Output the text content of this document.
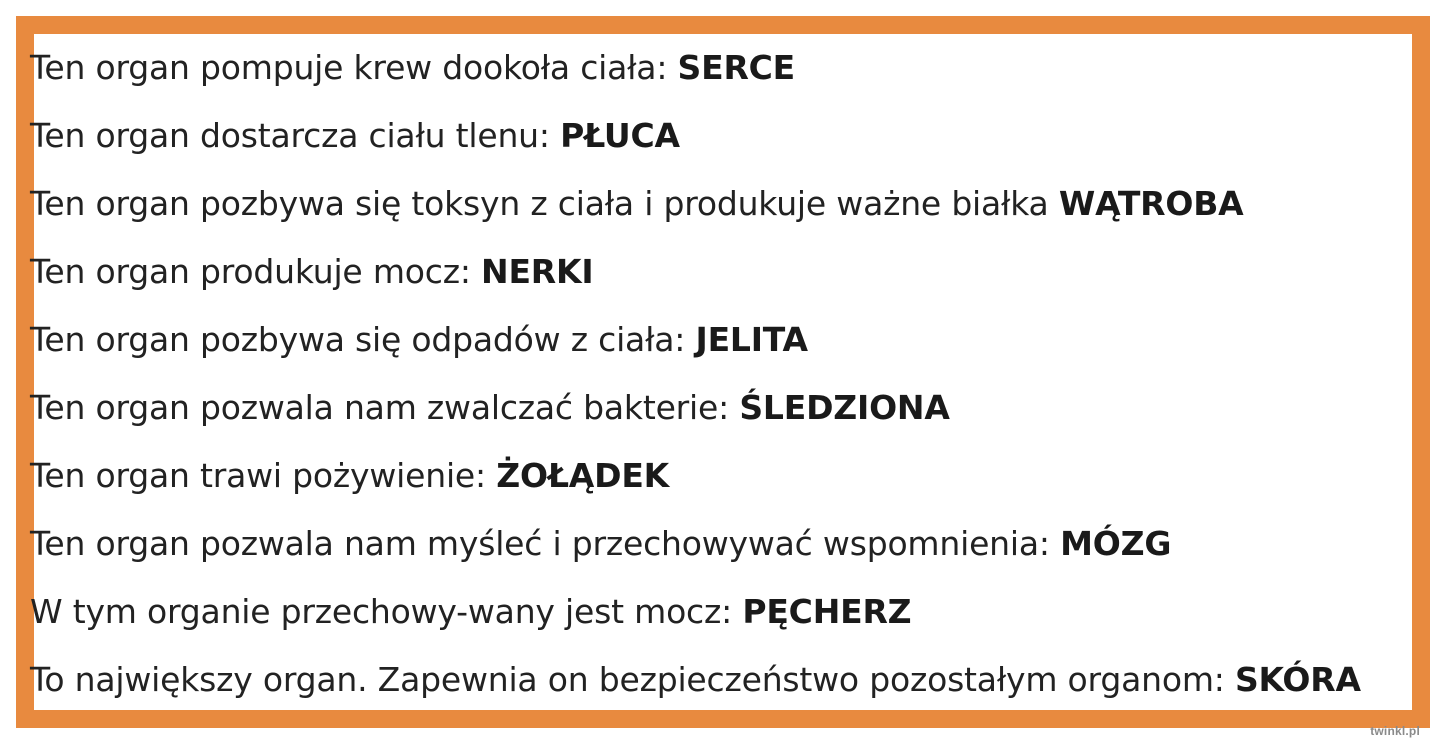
Ten organ pompuje krew dookoła ciała: SERCE
Ten organ dostarcza ciału tlenu: PŁUCA
Ten organ pozbywa się toksyn z ciała i produkuje ważne białka WĄTROBA
Ten organ produkuje mocz: NERKI
Ten organ pozbywa się odpadów z ciała: JELITA
Ten organ pozwala nam zwalczać bakterie: ŚLEDZIONA
Ten organ trawi pożywienie: ŻOŁĄDEK
Ten organ pozwala nam myśleć i przechowywać wspomnienia: MÓZG
W tym organie przechowy-wany jest mocz: PĘCHERZ
To największy organ. Zapewnia on bezpieczeństwo pozostałym organom: SKÓRA
twinkl.pl
